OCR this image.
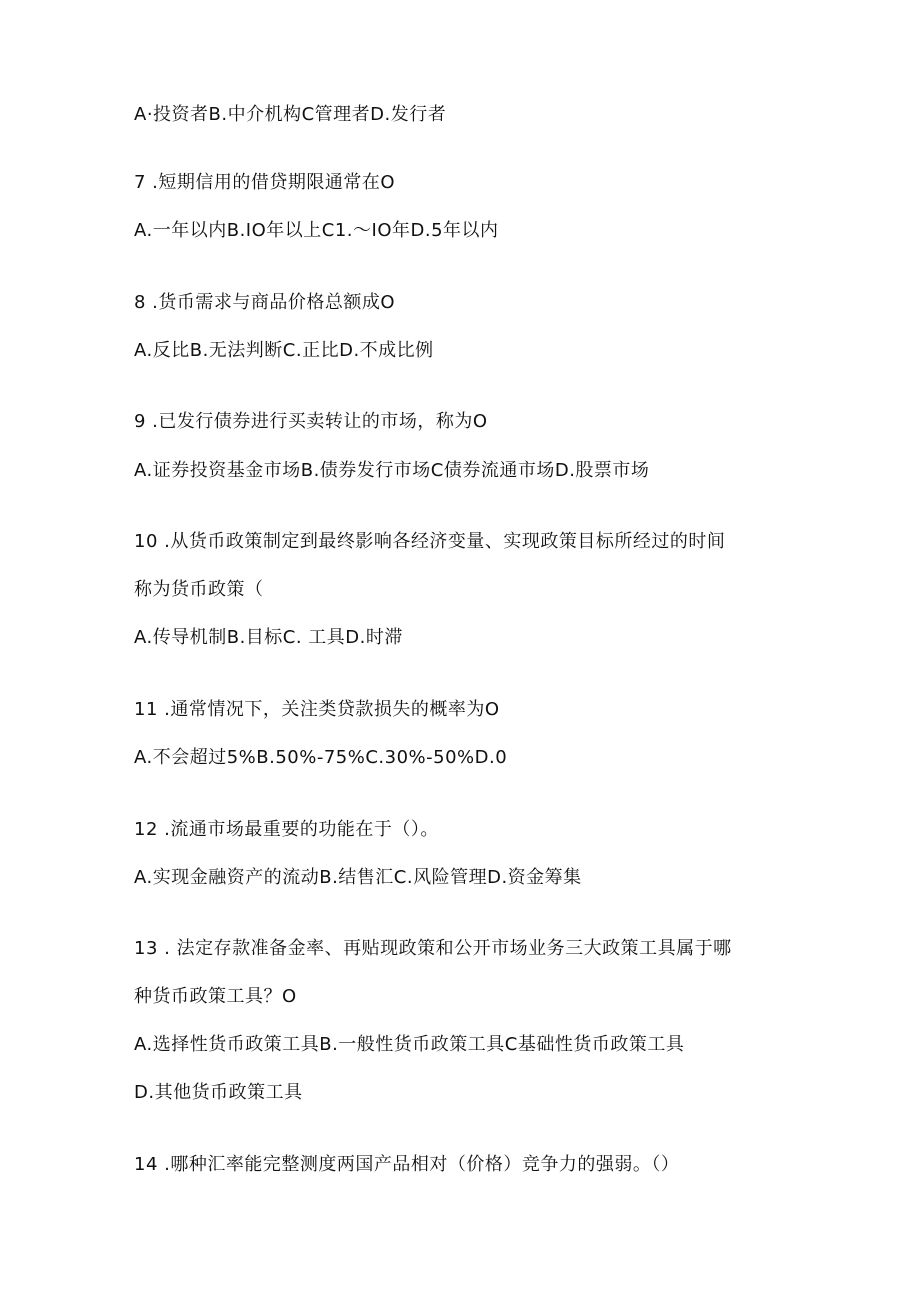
A·投资者B.中介机构C管理者D.发行者
7 .短期信用的借贷期限通常在O
A.一年以内B.IO年以上C1.～IO年D.5年以内
8 .货币需求与商品价格总额成O
A.反比B.无法判断C.正比D.不成比例
9 .已发行债券进行买卖转让的市场，称为O
A.证券投资基金市场B.债券发行市场C债券流通市场D.股票市场
10 .从货币政策制定到最终影响各经济变量、实现政策目标所经过的时间
称为货币政策（
A.传导机制B.目标C. 工具D.时滞
11 .通常情况下，关注类贷款损失的概率为O
A.不会超过5%B.50%-75%C.30%-50%D.0
12 .流通市场最重要的功能在于（）。
A.实现金融资产的流动B.结售汇C.风险管理D.资金筹集
13 . 法定存款准备金率、再贴现政策和公开市场业务三大政策工具属于哪
种货币政策工具？O
A.选择性货币政策工具B.一般性货币政策工具C基础性货币政策工具
D.其他货币政策工具
14 .哪种汇率能完整测度两国产品相对（价格）竞争力的强弱。（）
